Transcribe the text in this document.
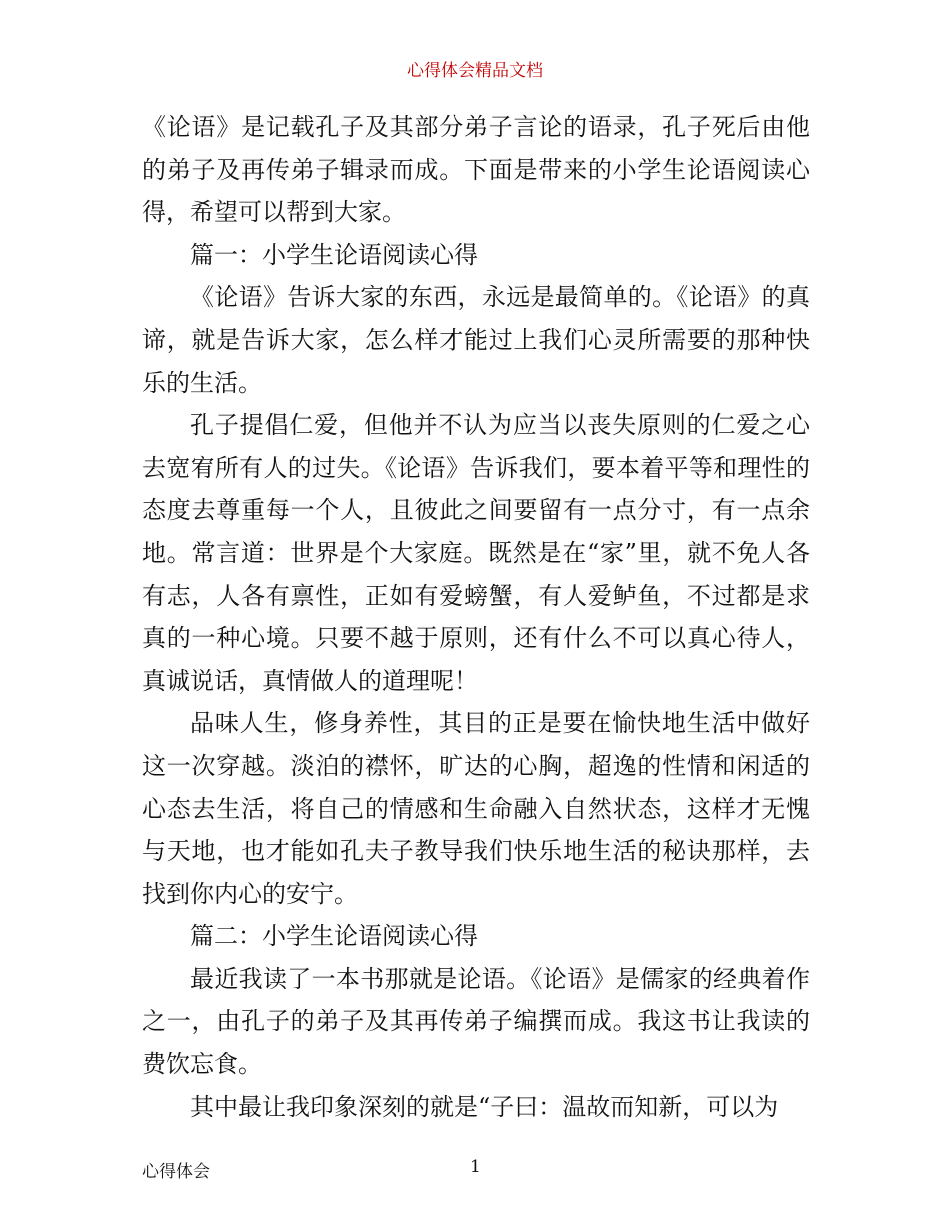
心得体会精品文档

《论语》是记载孔子及其部分弟子言论的语录，孔子死后由他的弟子及再传弟子辑录而成。下面是带来的小学生论语阅读心得，希望可以帮到大家。

篇一：小学生论语阅读心得

《论语》告诉大家的东西，永远是最简单的。《论语》的真谛，就是告诉大家，怎么样才能过上我们心灵所需要的那种快乐的生活。

孔子提倡仁爱，但他并不认为应当以丧失原则的仁爱之心去宽宥所有人的过失。《论语》告诉我们，要本着平等和理性的态度去尊重每一个人，且彼此之间要留有一点分寸，有一点余地。常言道：世界是个大家庭。既然是在“家”里，就不免人各有志，人各有禀性，正如有爱螃蟹，有人爱鲈鱼，不过都是求真的一种心境。只要不越于原则，还有什么不可以真心待人，真诚说话，真情做人的道理呢！

品味人生，修身养性，其目的正是要在愉快地生活中做好这一次穿越。淡泊的襟怀，旷达的心胸，超逸的性情和闲适的心态去生活，将自己的情感和生命融入自然状态，这样才无愧与天地，也才能如孔夫子教导我们快乐地生活的秘诀那样，去找到你内心的安宁。

篇二：小学生论语阅读心得

最近我读了一本书那就是论语。《论语》是儒家的经典着作之一，由孔子的弟子及其再传弟子编撰而成。我这书让我读的费饮忘食。

其中最让我印象深刻的就是“子曰：温故而知新，可以为

心得体会	1
